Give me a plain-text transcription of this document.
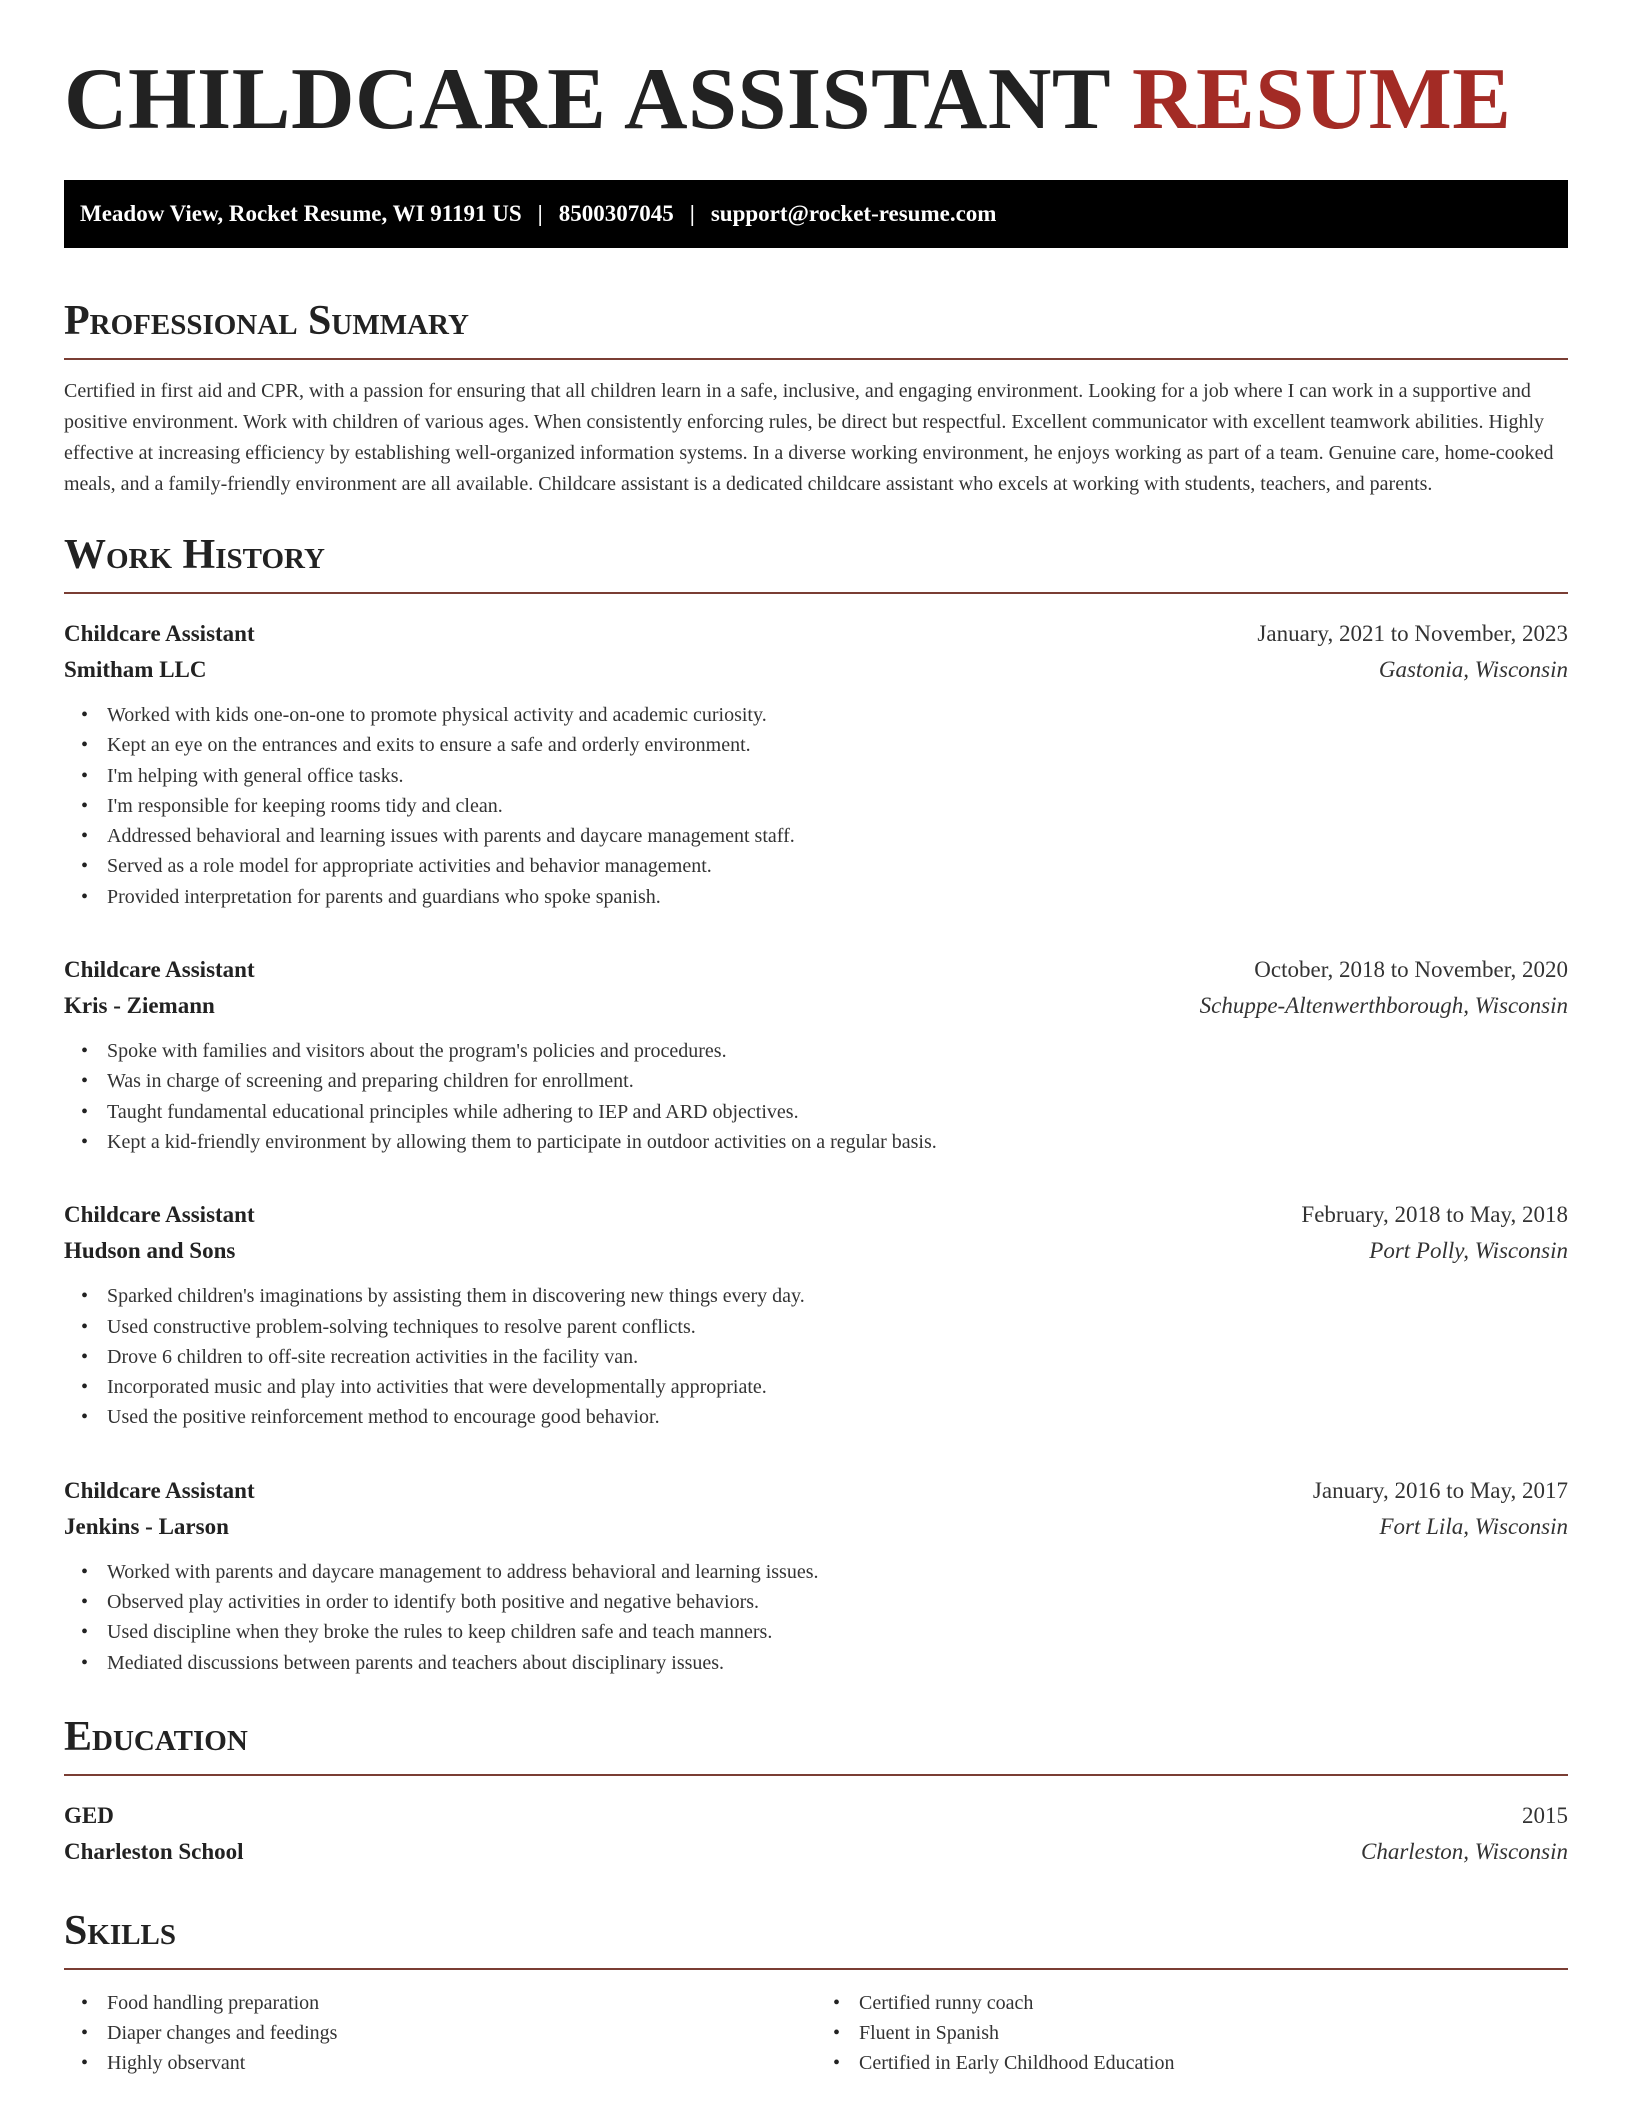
CHILDCARE ASSISTANT RESUME
Meadow View, Rocket Resume, WI 91191 US | 8500307045 | support@rocket-resume.com
Professional Summary

Certified in first aid and CPR, with a passion for ensuring that all children learn in a safe, inclusive, and engaging environment. Looking for a job where I can work in a supportive and positive environment. Work with children of various ages. When consistently enforcing rules, be direct but respectful. Excellent communicator with excellent teamwork abilities. Highly effective at increasing efficiency by establishing well-organized information systems. In a diverse working environment, he enjoys working as part of a team. Genuine care, home-cooked meals, and a family-friendly environment are all available. Childcare assistant is a dedicated childcare assistant who excels at working with students, teachers, and parents.

Work History
Childcare Assistant	January, 2021 to November, 2023
Smitham LLC	Gastonia, Wisconsin
• Worked with kids one-on-one to promote physical activity and academic curiosity.
• Kept an eye on the entrances and exits to ensure a safe and orderly environment.
• I'm helping with general office tasks.
• I'm responsible for keeping rooms tidy and clean.
• Addressed behavioral and learning issues with parents and daycare management staff.
• Served as a role model for appropriate activities and behavior management.
• Provided interpretation for parents and guardians who spoke spanish.
Childcare Assistant	October, 2018 to November, 2020
Kris - Ziemann	Schuppe-Altenwerthborough, Wisconsin
• Spoke with families and visitors about the program's policies and procedures.
• Was in charge of screening and preparing children for enrollment.
• Taught fundamental educational principles while adhering to IEP and ARD objectives.
• Kept a kid-friendly environment by allowing them to participate in outdoor activities on a regular basis.
Childcare Assistant	February, 2018 to May, 2018
Hudson and Sons	Port Polly, Wisconsin
• Sparked children's imaginations by assisting them in discovering new things every day.
• Used constructive problem-solving techniques to resolve parent conflicts.
• Drove 6 children to off-site recreation activities in the facility van.
• Incorporated music and play into activities that were developmentally appropriate.
• Used the positive reinforcement method to encourage good behavior.
Childcare Assistant	January, 2016 to May, 2017
Jenkins - Larson	Fort Lila, Wisconsin
• Worked with parents and daycare management to address behavioral and learning issues.
• Observed play activities in order to identify both positive and negative behaviors.
• Used discipline when they broke the rules to keep children safe and teach manners.
• Mediated discussions between parents and teachers about disciplinary issues.
Education
GED	2015
Charleston School	Charleston, Wisconsin
Skills
• Food handling preparation
• Diaper changes and feedings
• Highly observant
• Certified runny coach
• Fluent in Spanish
• Certified in Early Childhood Education
